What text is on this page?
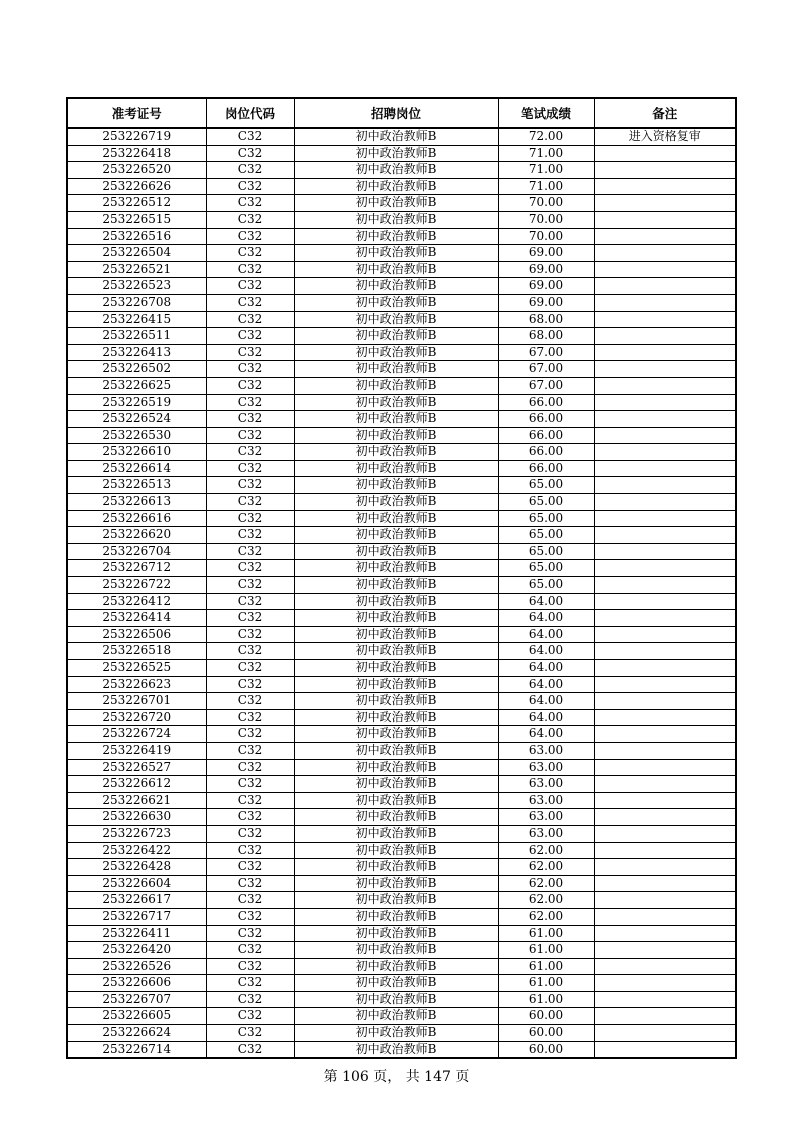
准考证号	岗位代码	招聘岗位	笔试成绩	备注
253226719	C32	初中政治教师B	72.00	进入资格复审
253226418	C32	初中政治教师B	71.00	
253226520	C32	初中政治教师B	71.00	
253226626	C32	初中政治教师B	71.00	
253226512	C32	初中政治教师B	70.00	
253226515	C32	初中政治教师B	70.00	
253226516	C32	初中政治教师B	70.00	
253226504	C32	初中政治教师B	69.00	
253226521	C32	初中政治教师B	69.00	
253226523	C32	初中政治教师B	69.00	
253226708	C32	初中政治教师B	69.00	
253226415	C32	初中政治教师B	68.00	
253226511	C32	初中政治教师B	68.00	
253226413	C32	初中政治教师B	67.00	
253226502	C32	初中政治教师B	67.00	
253226625	C32	初中政治教师B	67.00	
253226519	C32	初中政治教师B	66.00	
253226524	C32	初中政治教师B	66.00	
253226530	C32	初中政治教师B	66.00	
253226610	C32	初中政治教师B	66.00	
253226614	C32	初中政治教师B	66.00	
253226513	C32	初中政治教师B	65.00	
253226613	C32	初中政治教师B	65.00	
253226616	C32	初中政治教师B	65.00	
253226620	C32	初中政治教师B	65.00	
253226704	C32	初中政治教师B	65.00	
253226712	C32	初中政治教师B	65.00	
253226722	C32	初中政治教师B	65.00	
253226412	C32	初中政治教师B	64.00	
253226414	C32	初中政治教师B	64.00	
253226506	C32	初中政治教师B	64.00	
253226518	C32	初中政治教师B	64.00	
253226525	C32	初中政治教师B	64.00	
253226623	C32	初中政治教师B	64.00	
253226701	C32	初中政治教师B	64.00	
253226720	C32	初中政治教师B	64.00	
253226724	C32	初中政治教师B	64.00	
253226419	C32	初中政治教师B	63.00	
253226527	C32	初中政治教师B	63.00	
253226612	C32	初中政治教师B	63.00	
253226621	C32	初中政治教师B	63.00	
253226630	C32	初中政治教师B	63.00	
253226723	C32	初中政治教师B	63.00	
253226422	C32	初中政治教师B	62.00	
253226428	C32	初中政治教师B	62.00	
253226604	C32	初中政治教师B	62.00	
253226617	C32	初中政治教师B	62.00	
253226717	C32	初中政治教师B	62.00	
253226411	C32	初中政治教师B	61.00	
253226420	C32	初中政治教师B	61.00	
253226526	C32	初中政治教师B	61.00	
253226606	C32	初中政治教师B	61.00	
253226707	C32	初中政治教师B	61.00	
253226605	C32	初中政治教师B	60.00	
253226624	C32	初中政治教师B	60.00	
253226714	C32	初中政治教师B	60.00	
第 106 页， 共 147 页
